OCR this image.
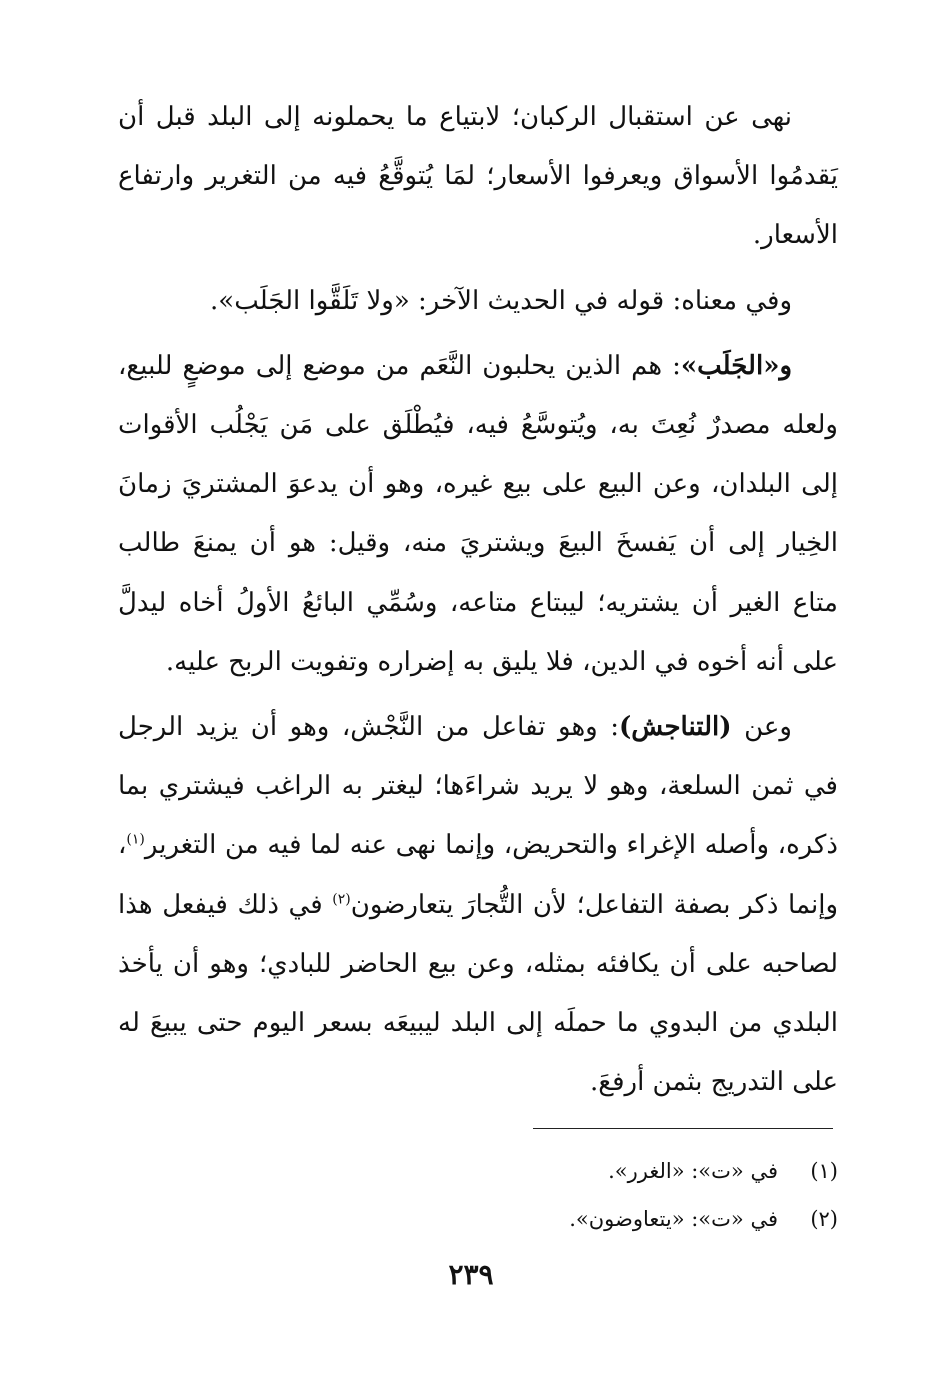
نهى عن استقبال الركبان؛ لابتياع ما يحملونه إلى البلد قبل أن يَقدمُوا الأسواق ويعرفوا الأسعار؛ لمَا يُتوقَّعُ فيه من التغرير وارتفاع الأسعار.

وفي معناه: قوله في الحديث الآخر: «ولا تَلَقَّوا الجَلَب».

و«الجَلَب»: هم الذين يحلبون النَّعَم من موضع إلى موضعٍ للبيع، ولعله مصدرٌ نُعِتَ به، ويُتوسَّعُ فيه، فيُطْلَق على مَن يَجْلُب الأقوات إلى البلدان، وعن البيع على بيع غيره، وهو أن يدعوَ المشتريَ زمانَ الخِيار إلى أن يَفسخَ البيعَ ويشتريَ منه، وقيل: هو أن يمنعَ طالب متاع الغير أن يشتريه؛ ليبتاع متاعه، وسُمِّي البائعُ الأولُ أخاه ليدلَّ على أنه أخوه في الدين، فلا يليق به إضراره وتفويت الربح عليه.

وعن (التناجش): وهو تفاعل من النَّجْش، وهو أن يزيد الرجل في ثمن السلعة، وهو لا يريد شراءَها؛ ليغتر به الراغب فيشتري بما ذكره، وأصله الإغراء والتحريض، وإنما نهى عنه لما فيه من التغرير$^{(١)}$، وإنما ذكر بصفة التفاعل؛ لأن التُّجارَ يتعارضون$^{(٢)}$ في ذلك فيفعل هذا لصاحبه على أن يكافئه بمثله، وعن بيع الحاضر للبادي؛ وهو أن يأخذ البلدي من البدوي ما حملَه إلى البلد ليبيعَه بسعر اليوم حتى يبيعَ له على التدريج بثمن أرفعَ.

(١)في «ت»: «الغرر».
(٢)في «ت»: «يتعاوضون».
٢٣٩
